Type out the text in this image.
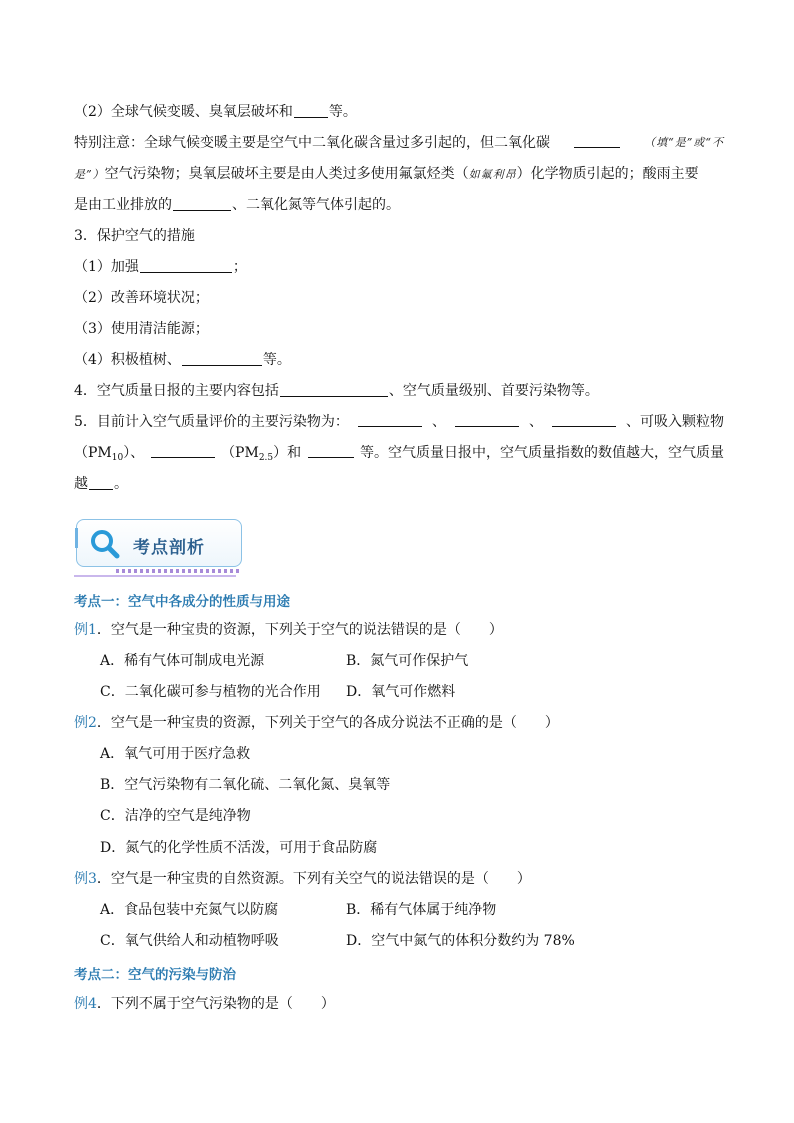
（2）全球气候变暖、臭氧层破坏和	等。
特别注意：全球气候变暖主要是空气中二氧化碳含量过多引起的，但二氧化碳	（填“是”或“不
是”）空气污染物；臭氧层破坏主要是由人类过多使用氟氯烃类（如氟利昂）化学物质引起的；酸雨主要
是由工业排放的	、二氧化氮等气体引起的。
3．保护空气的措施
（1）加强	；
（2）改善环境状况；
（3）使用清洁能源；
（4）积极植树、	等。
4．空气质量日报的主要内容包括	、空气质量级别、首要污染物等。
5．目前计入空气质量评价的主要污染物为：	、	、	、可吸入颗粒物
$(PM_{10})$、	$(PM_{2.5})$和	等。空气质量日报中，空气质量指数的数值越大，空气质量
越 。
考点剖析
考点一：空气中各成分的性质与用途
例1．空气是一种宝贵的资源，下列关于空气的说法错误的是（　　）
A．稀有气体可制成电光源	B．氮气可作保护气
C．二氧化碳可参与植物的光合作用 D．氧气可作燃料
例2．空气是一种宝贵的资源，下列关于空气的各成分说法不正确的是（　　）
A．氧气可用于医疗急救
B．空气污染物有二氧化硫、二氧化氮、臭氧等
C．洁净的空气是纯净物
D．氮气的化学性质不活泼，可用于食品防腐
例3．空气是一种宝贵的自然资源。下列有关空气的说法错误的是（　　）
A．食品包装中充氮气以防腐	B．稀有气体属于纯净物
C．氧气供给人和动植物呼吸	D．空气中氮气的体积分数约为 78%
考点二：空气的污染与防治
例4．下列不属于空气污染物的是（　　）
